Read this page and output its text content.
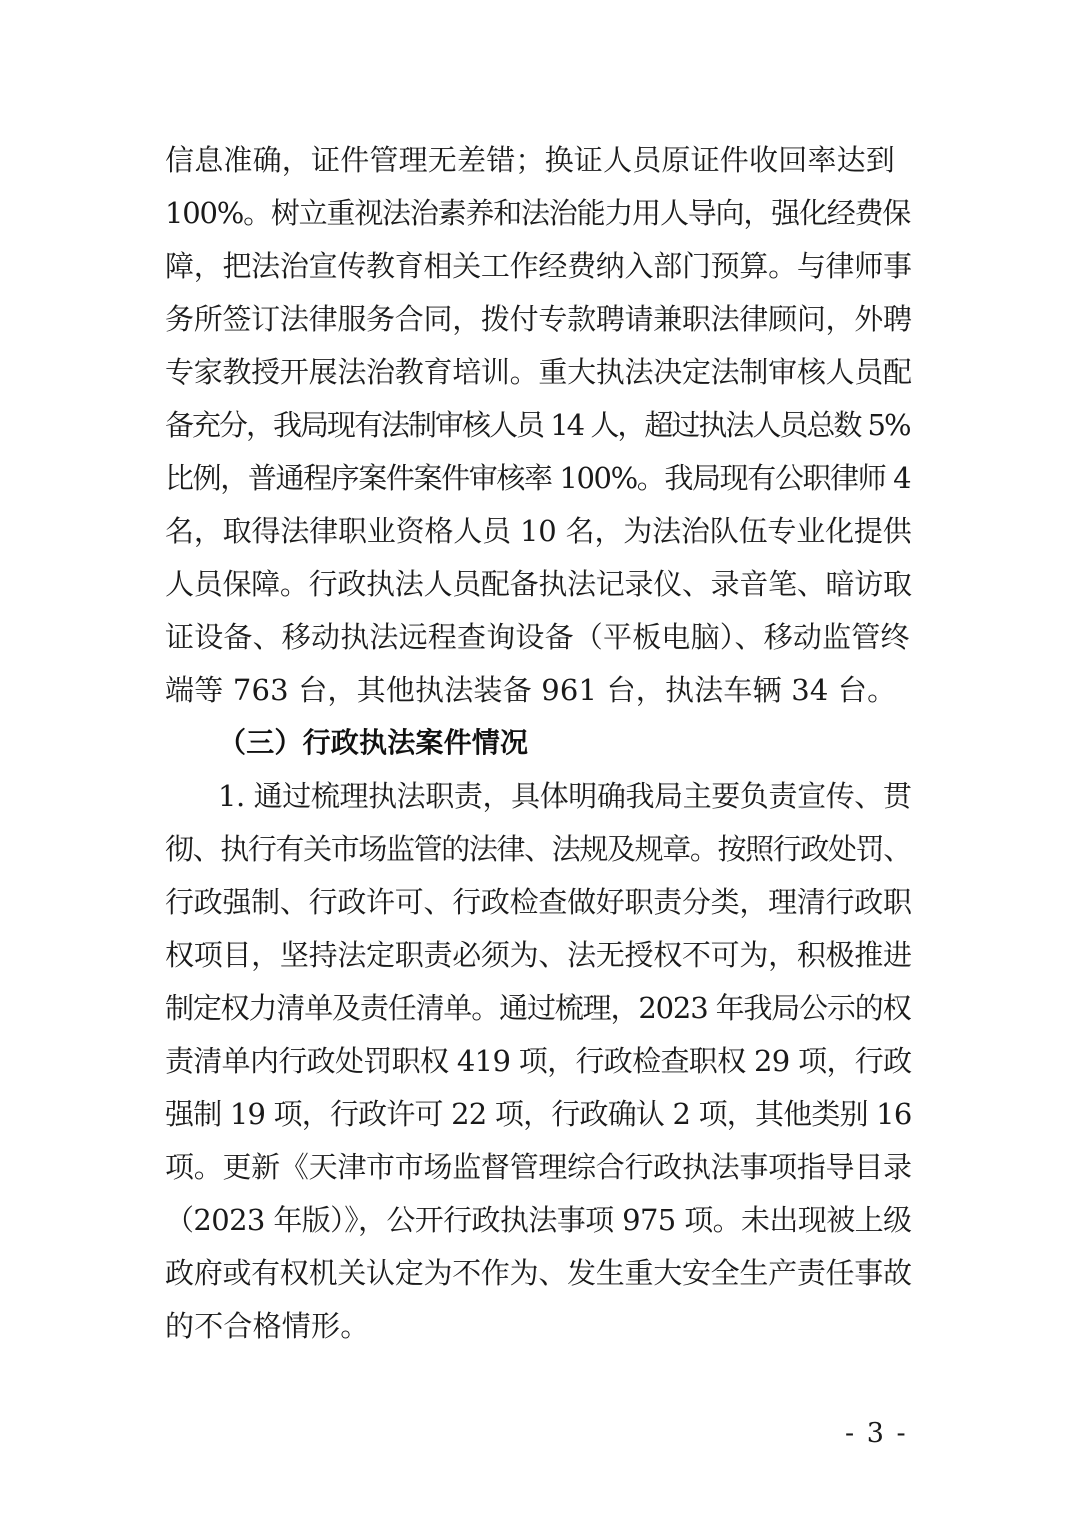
信息准确，证件管理无差错；换证人员原证件收回率达到
100%。树立重视法治素养和法治能力用人导向，强化经费保
障，把法治宣传教育相关工作经费纳入部门预算。与律师事
务所签订法律服务合同，拨付专款聘请兼职法律顾问，外聘
专家教授开展法治教育培训。重大执法决定法制审核人员配
备充分，我局现有法制审核人员 14 人，超过执法人员总数 5%
比例，普通程序案件案件审核率 100%。我局现有公职律师 4
名，取得法律职业资格人员 10 名，为法治队伍专业化提供
人员保障。行政执法人员配备执法记录仪、录音笔、暗访取
证设备、移动执法远程查询设备（平板电脑）、移动监管终
端等 763 台，其他执法装备 961 台，执法车辆 34 台。
（三）行政执法案件情况
1. 通过梳理执法职责，具体明确我局主要负责宣传、贯
彻、执行有关市场监管的法律、法规及规章。按照行政处罚、
行政强制、行政许可、行政检查做好职责分类，理清行政职
权项目，坚持法定职责必须为、法无授权不可为，积极推进
制定权力清单及责任清单。通过梳理，2023 年我局公示的权
责清单内行政处罚职权 419 项，行政检查职权 29 项，行政
强制 19 项，行政许可 22 项，行政确认 2 项，其他类别 16
项。更新《天津市市场监督管理综合行政执法事项指导目录
（2023 年版）》，公开行政执法事项 975 项。未出现被上级
政府或有权机关认定为不作为、发生重大安全生产责任事故
的不合格情形。
- 3 -
